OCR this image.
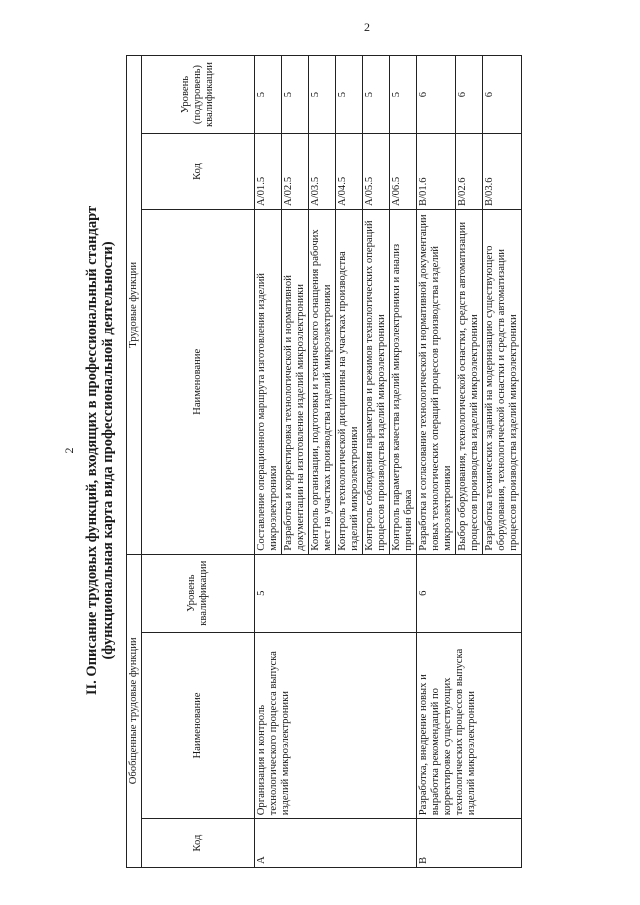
2
2 II. Описание трудовых функций, входящих в профессиональный стандарт (функциональная карта вида профессиональной деятельности)
Обобщенные трудовые функции			Трудовые функции		
Код	Наименование	Уровень квалификации	Наименование	Код	Уровень (подуровень) квалификации
A	Организация и контроль технологического процесса выпуска изделий микроэлектроники	5	Составление операционного маршрута изготовления изделий микроэлектроники	A/01.5	5
			Разработка и корректировка технологической и нормативной документации на изготовление изделий микроэлектроники	A/02.5	5
			Контроль организации, подготовки и технического оснащения рабочих мест на участках производства изделий микроэлектроники	A/03.5	5
			Контроль технологической дисциплины на участках производства изделий микроэлектроники	A/04.5	5
			Контроль соблюдения параметров и режимов технологических операций процессов производства изделий микроэлектроники	A/05.5	5
			Контроль параметров качества изделий микроэлектроники и анализ причин брака	A/06.5	5
B	Разработка, внедрение новых и выработка рекомендаций по корректировке существующих технологических процессов выпуска изделий микроэлектроники	6	Разработка и согласование технологической и нормативной документации новых технологических операций процессов производства изделий микроэлектроники	B/01.6	6
			Выбор оборудования, технологической оснастки, средств автоматизации процессов производства изделий микроэлектроники	B/02.6	6
			Разработка технических заданий на модернизацию существующего оборудования, технологической оснастки и средств автоматизации процессов производства изделий микроэлектроники	B/03.6	6
